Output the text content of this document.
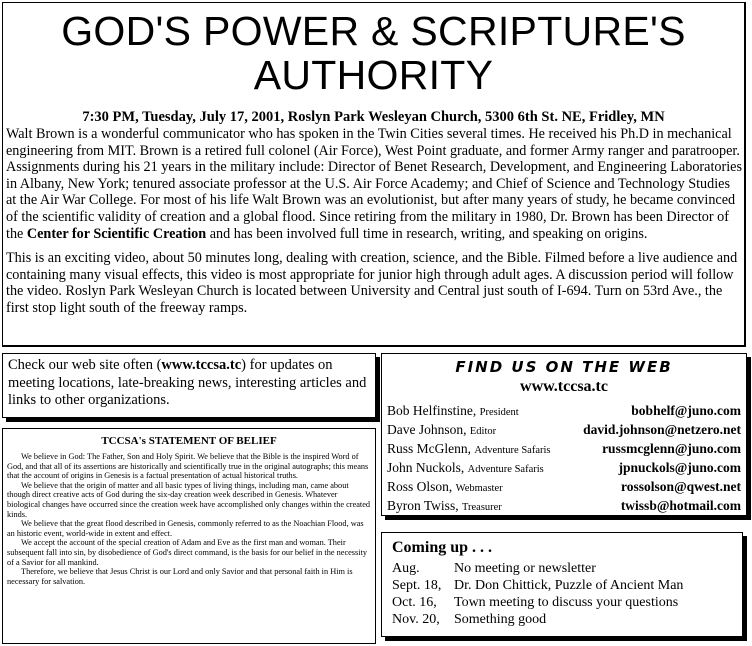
GOD'S POWER & SCRIPTURE'S AUTHORITY
7:30 PM, Tuesday, July 17, 2001, Roslyn Park Wesleyan Church, 5300 6th St. NE, Fridley, MN

Walt Brown is a wonderful communicator who has spoken in the Twin Cities several times. He received his Ph.D in mechanical engineering from MIT. Brown is a retired full colonel (Air Force), West Point graduate, and former Army ranger and paratrooper. Assignments during his 21 years in the military include: Director of Benet Research, Development, and Engineering Laboratories in Albany, New York; tenured associate professor at the U.S. Air Force Academy; and Chief of Science and Technology Studies at the Air War College. For most of his life Walt Brown was an evolutionist, but after many years of study, he became convinced of the scientific validity of creation and a global flood. Since retiring from the military in 1980, Dr. Brown has been Director of the Center for Scientific Creation and has been involved full time in research, writing, and speaking on origins.

This is an exciting video, about 50 minutes long, dealing with creation, science, and the Bible. Filmed before a live audience and containing many visual effects, this video is most appropriate for junior high through adult ages. A discussion period will follow the video. Roslyn Park Wesleyan Church is located between University and Central just south of I-694. Turn on 53rd Ave., the first stop light south of the freeway ramps.

Check our web site often (www.tccsa.tc) for updates on meeting locations, late-breaking news, interesting articles and links to other organizations.
TCCSA's STATEMENT OF BELIEF

We believe in God: The Father, Son and Holy Spirit. We believe that the Bible is the inspired Word of God, and that all of its assertions are historically and scientifically true in the original autographs; this means that the account of origins in Genesis is a factual presentation of actual historical truths.

We believe that the origin of matter and all basic types of living things, including man, came about though direct creative acts of God during the six-day creation week described in Genesis. Whatever biological changes have occurred since the creation week have accomplished only changes within the created kinds.

We believe that the great flood described in Genesis, commonly referred to as the Noachian Flood, was an historic event, world-wide in extent and effect.

We accept the account of the special creation of Adam and Eve as the first man and woman. Their subsequent fall into sin, by disobedience of God's direct command, is the basis for our belief in the necessity of a Savior for all mankind.

Therefore, we believe that Jesus Christ is our Lord and only Savior and that personal faith in Him is necessary for salvation.

FIND US ON THE WEB
www.tccsa.tc
Bob Helfinstine, President	bobhelf@juno.com
Dave Johnson, Editor	david.johnson@netzero.net
Russ McGlenn, Adventure Safaris	russmcglenn@juno.com
John Nuckols, Adventure Safaris	jpnuckols@juno.com
Ross Olson, Webmaster	rossolson@qwest.net
Byron Twiss, Treasurer	twissb@hotmail.com
Coming up . . .
Aug.	No meeting or newsletter
Sept. 18, Dr. Don Chittick, Puzzle of Ancient Man
Oct. 16,	Town meeting to discuss your questions
Nov. 20,	Something good
